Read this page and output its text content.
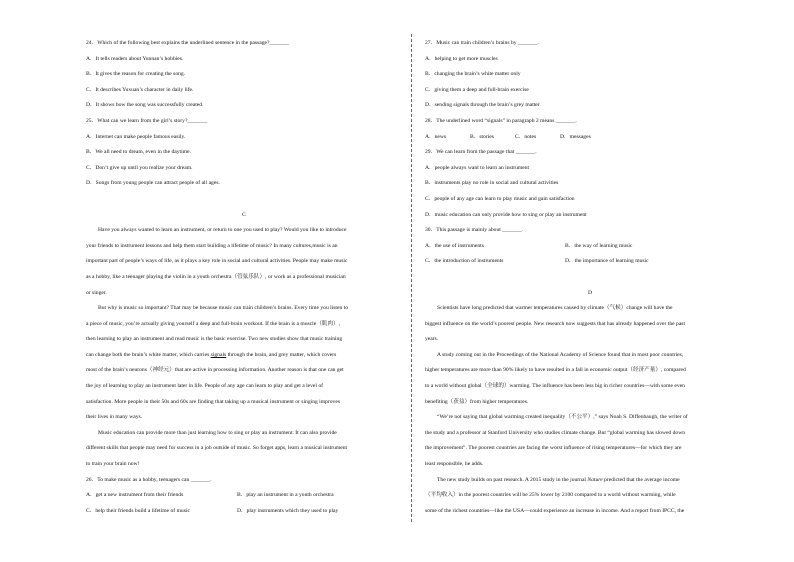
24．Which of the following best explains the underlined sentence in the passage?_______
A．It tells readers about Yunnan’s hobbies.
B．It gives the reason for creating the song.
C．It describes Yuxuan’s character in daily life.
D．It shows how the song was successfully created.
25．What can we learn from the girl’s story?_______
A．Internet can make people famous easily.
B．We all need to dream, even in the daytime.
C．Don’t give up until you realize your dream.
D．Songs from young people can attract people of all ages.
C
Have you always wanted to learn an instrument, or return to one you used to play? Would you like to introduce
your friends to instrument lessons and help them start building a lifetime of music? In many cultures,music is an
important part of people’s ways of life, as it plays a key role in social and cultural activities. People may make music
as a hobby, like a teenager playing the violin in a youth orchestra（管弦乐队）, or work as a professional musician
or singer.
But why is music so important? That may be because music can train children’s brains. Every time you listen to
a piece of music, you’re actually giving yourself a deep and full-brain workout. If the brain is a muscle（肌肉）,
then learning to play an instrument and read music is the basic exercise. Two new studies show that music training
can change both the brain’s white matter, which carries signals through the brain, and grey matter, which covers
most of the brain’s neurons（神经元）that are active in processing information. Another reason is that one can get
the joy of learning to play an instrument later in life. People of any age can learn to play and get a level of
satisfaction. More people in their 50s and 60s are finding that taking up a musical instrument or singing improves
their lives in many ways.
Music education can provide more than just learning how to sing or play an instrument. It can also provide
different skills that people may need for success in a job outside of music. So forget apps, learn a musical instrument
to train your brain now!
26．To make music as a hobby, teenagers can _______.
A．get a new instrument from their friends	B．play an instrument in a youth orchestra
C．help their friends build a lifetime of music	D．play instruments which they used to play
27．Music can train children’s brains by _______.
A．helping to get more muscles
B．changing the brain’s white matter only
C．giving them a deep and full-brain exercise
D．sending signals through the brain’s grey matter
28．The underlined word “signals” in paragraph 2 means _______.
A．news	B．stories	C．notes	D．messages
29．We can learn from the passage that _______.
A．people always want to learn an instrument
B．instruments play no role in social and cultural activities
C．people of any age can learn to play music and gain satisfaction
D．music education can only provide how to sing or play an instrument
30．This passage is mainly about _______.
A．the use of instruments	B．the way of learning music
C．the introduction of instruments	D．the importance of learning music
D
Scientists have long predicted that warmer temperatures caused by climate（气候）change will have the
biggest influence on the world’s poorest people. New research now suggests that has already happened over the past
years.
A study coming out in the Proceedings of the National Academy of Science found that in most poor countries,
higher temperatures are more than 90% likely to have resulted in a fall in economic output（经济产量）, compared
to a world without global（全球的）warming. The influence has been less big in richer countries—with some even
benefiting（获益）from higher temperatures.
“We’re not saying that global warming created inequality（不公平）,” says Noah S. Diffenbaugh, the writer of
the study and a professor at Stanford University who studies climate change. But “global warming has slowed down
the improvement”. The poorest countries are facing the worst influence of rising temperatures—for which they are
least responsible, he adds.
The new study builds on past research. A 2015 study in the journal Nature predicted that the average income
（平均收入）in the poorest countries will be 25% lower by 2100 compared to a world without warming, while
some of the richest countries—like the USA—could experience an increase in income. And a report from IPCC, the
